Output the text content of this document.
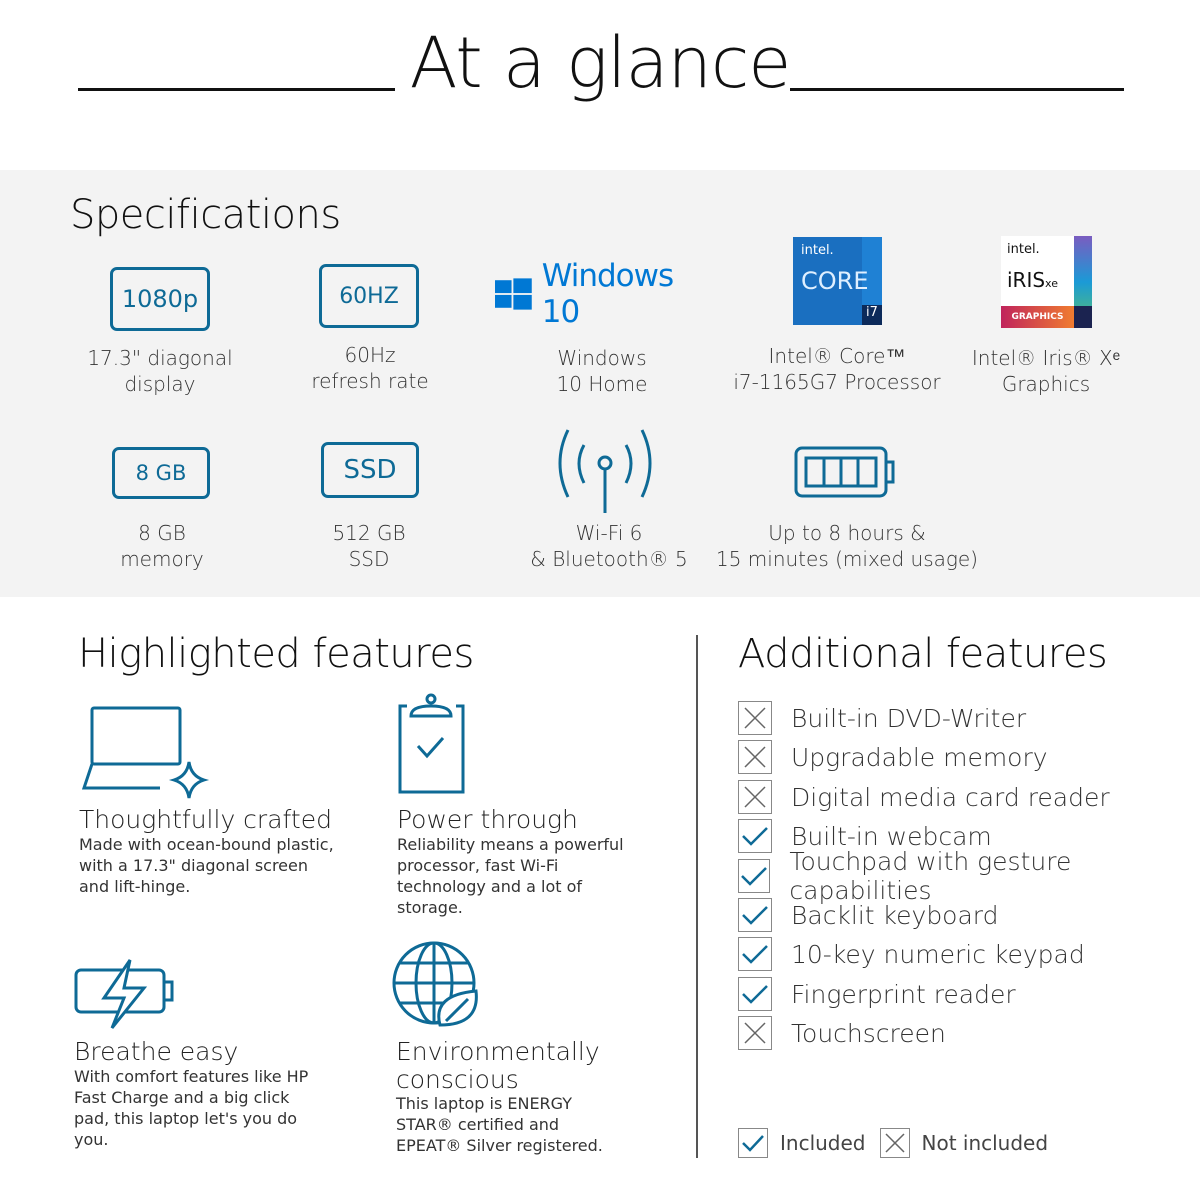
At a glance
Specifications
1080p	60HZ
Windows 10
intel.
CORE
i7
intel.
iRISxe
GRAPHICS
17.3" diagonal
display
60Hz
refresh rate
Windows
10 Home
Intel® Core™
i7-1165G7 Processor
Intel® Iris® Xᵉ
Graphics
8 GB	SSD
8 GB
memory
512 GB
SSD
Wi-Fi 6
& Bluetooth® 5
Up to 8 hours &
15 minutes (mixed usage)
Highlighted features
Thoughtfully crafted
Made with ocean-bound plastic, with a 17.3" diagonal screen and lift-hinge.
Power through
Reliability means a powerful processor, fast Wi-Fi technology and a lot of storage.
Breathe easy
With comfort features like HP Fast Charge and a big click pad, this laptop let's you do you.
Environmentally conscious
This laptop is ENERGY STAR® certified and EPEAT® Silver registered.
Additional features
Built-in DVD-Writer
Upgradable memory
Digital media card reader
Built-in webcam
Touchpad with gesture capabilities
Backlit keyboard
10-key numeric keypad
Fingerprint reader
Touchscreen
Included	Not included
